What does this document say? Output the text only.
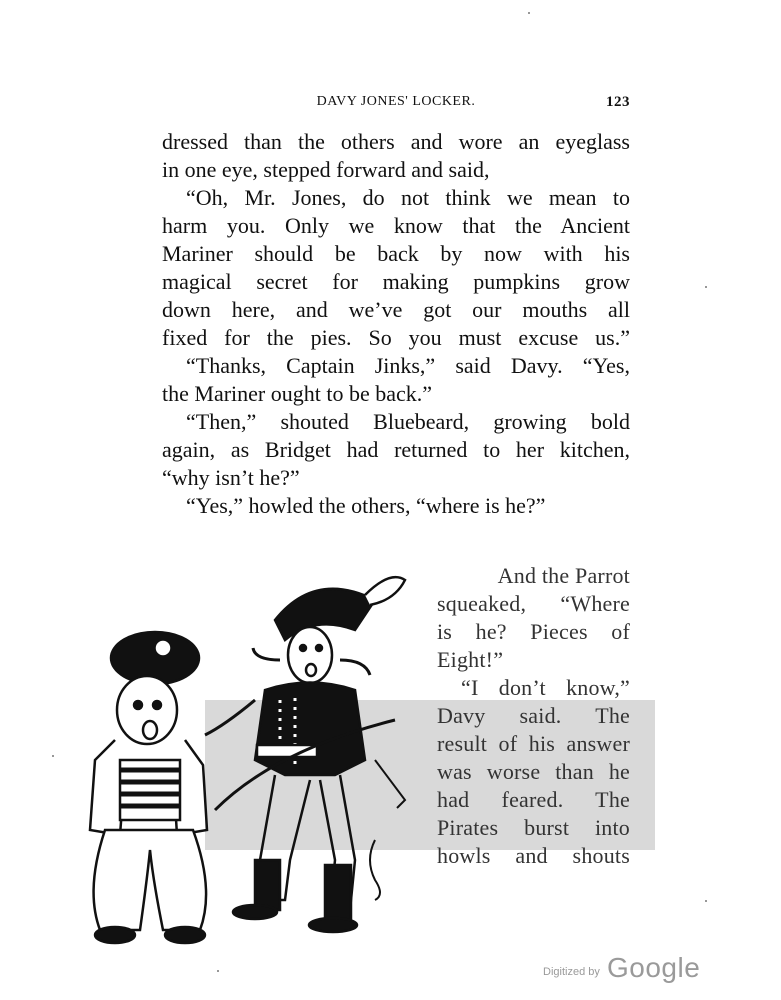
DAVY JONES' LOCKER.	123
dressed than the others and wore an eyeglass
in one eye, stepped forward and said,
“Oh, Mr. Jones, do not think we mean to
harm you. Only we know that the Ancient
Mariner should be back by now with his
magical secret for making pumpkins grow
down here, and we’ve got our mouths all
fixed for the pies. So you must excuse us.”
“Thanks, Captain Jinks,” said Davy. “Yes,
the Mariner ought to be back.”
“Then,” shouted Bluebeard, growing bold
again, as Bridget had returned to her kitchen,
“why isn’t he?”
“Yes,” howled the others, “where is he?”
And the Parrot
squeaked, “Where
is he? Pieces of
Eight!”
“I don’t know,”
Davy said. The
result of his answer
was worse than he
had feared. The
Pirates burst into
howls and shouts
Digitized by Google
